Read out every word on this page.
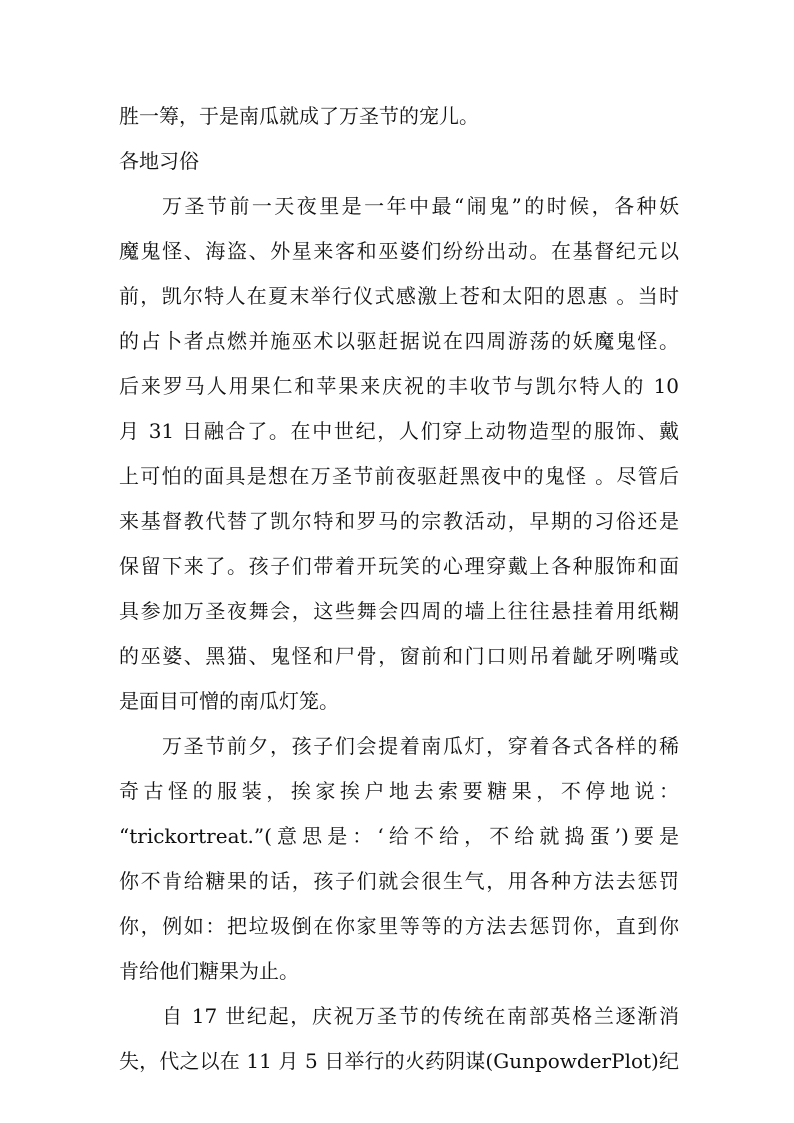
胜一筹，于是南瓜就成了万圣节的宠儿。
各地习俗
万圣节前一天夜里是一年中最“闹鬼”的时候，各种妖
魔鬼怪、海盗、外星来客和巫婆们纷纷出动。在基督纪元以
前，凯尔特人在夏末举行仪式感激上苍和太阳的恩惠 。当时
的占卜者点燃并施巫术以驱赶据说在四周游荡的妖魔鬼怪。
后来罗马人用果仁和苹果来庆祝的丰收节与凯尔特人的 10
月 31 日融合了。在中世纪，人们穿上动物造型的服饰、戴
上可怕的面具是想在万圣节前夜驱赶黑夜中的鬼怪 。尽管后
来基督教代替了凯尔特和罗马的宗教活动，早期的习俗还是
保留下来了。孩子们带着开玩笑的心理穿戴上各种服饰和面
具参加万圣夜舞会，这些舞会四周的墙上往往悬挂着用纸糊
的巫婆、黑猫、鬼怪和尸骨，窗前和门口则吊着龇牙咧嘴或
是面目可憎的南瓜灯笼。
万圣节前夕，孩子们会提着南瓜灯，穿着各式各样的稀
奇古怪的服装，挨家挨户地去索要糖果，不停地说：
“trickortreat.”(意思是：‘给不给，不给就捣蛋’)要是
你不肯给糖果的话，孩子们就会很生气，用各种方法去惩罚
你，例如：把垃圾倒在你家里等等的方法去惩罚你，直到你
肯给他们糖果为止。
自 17 世纪起，庆祝万圣节的传统在南部英格兰逐渐消
失，代之以在 11 月 5 日举行的火药阴谋(GunpowderPlot)纪
